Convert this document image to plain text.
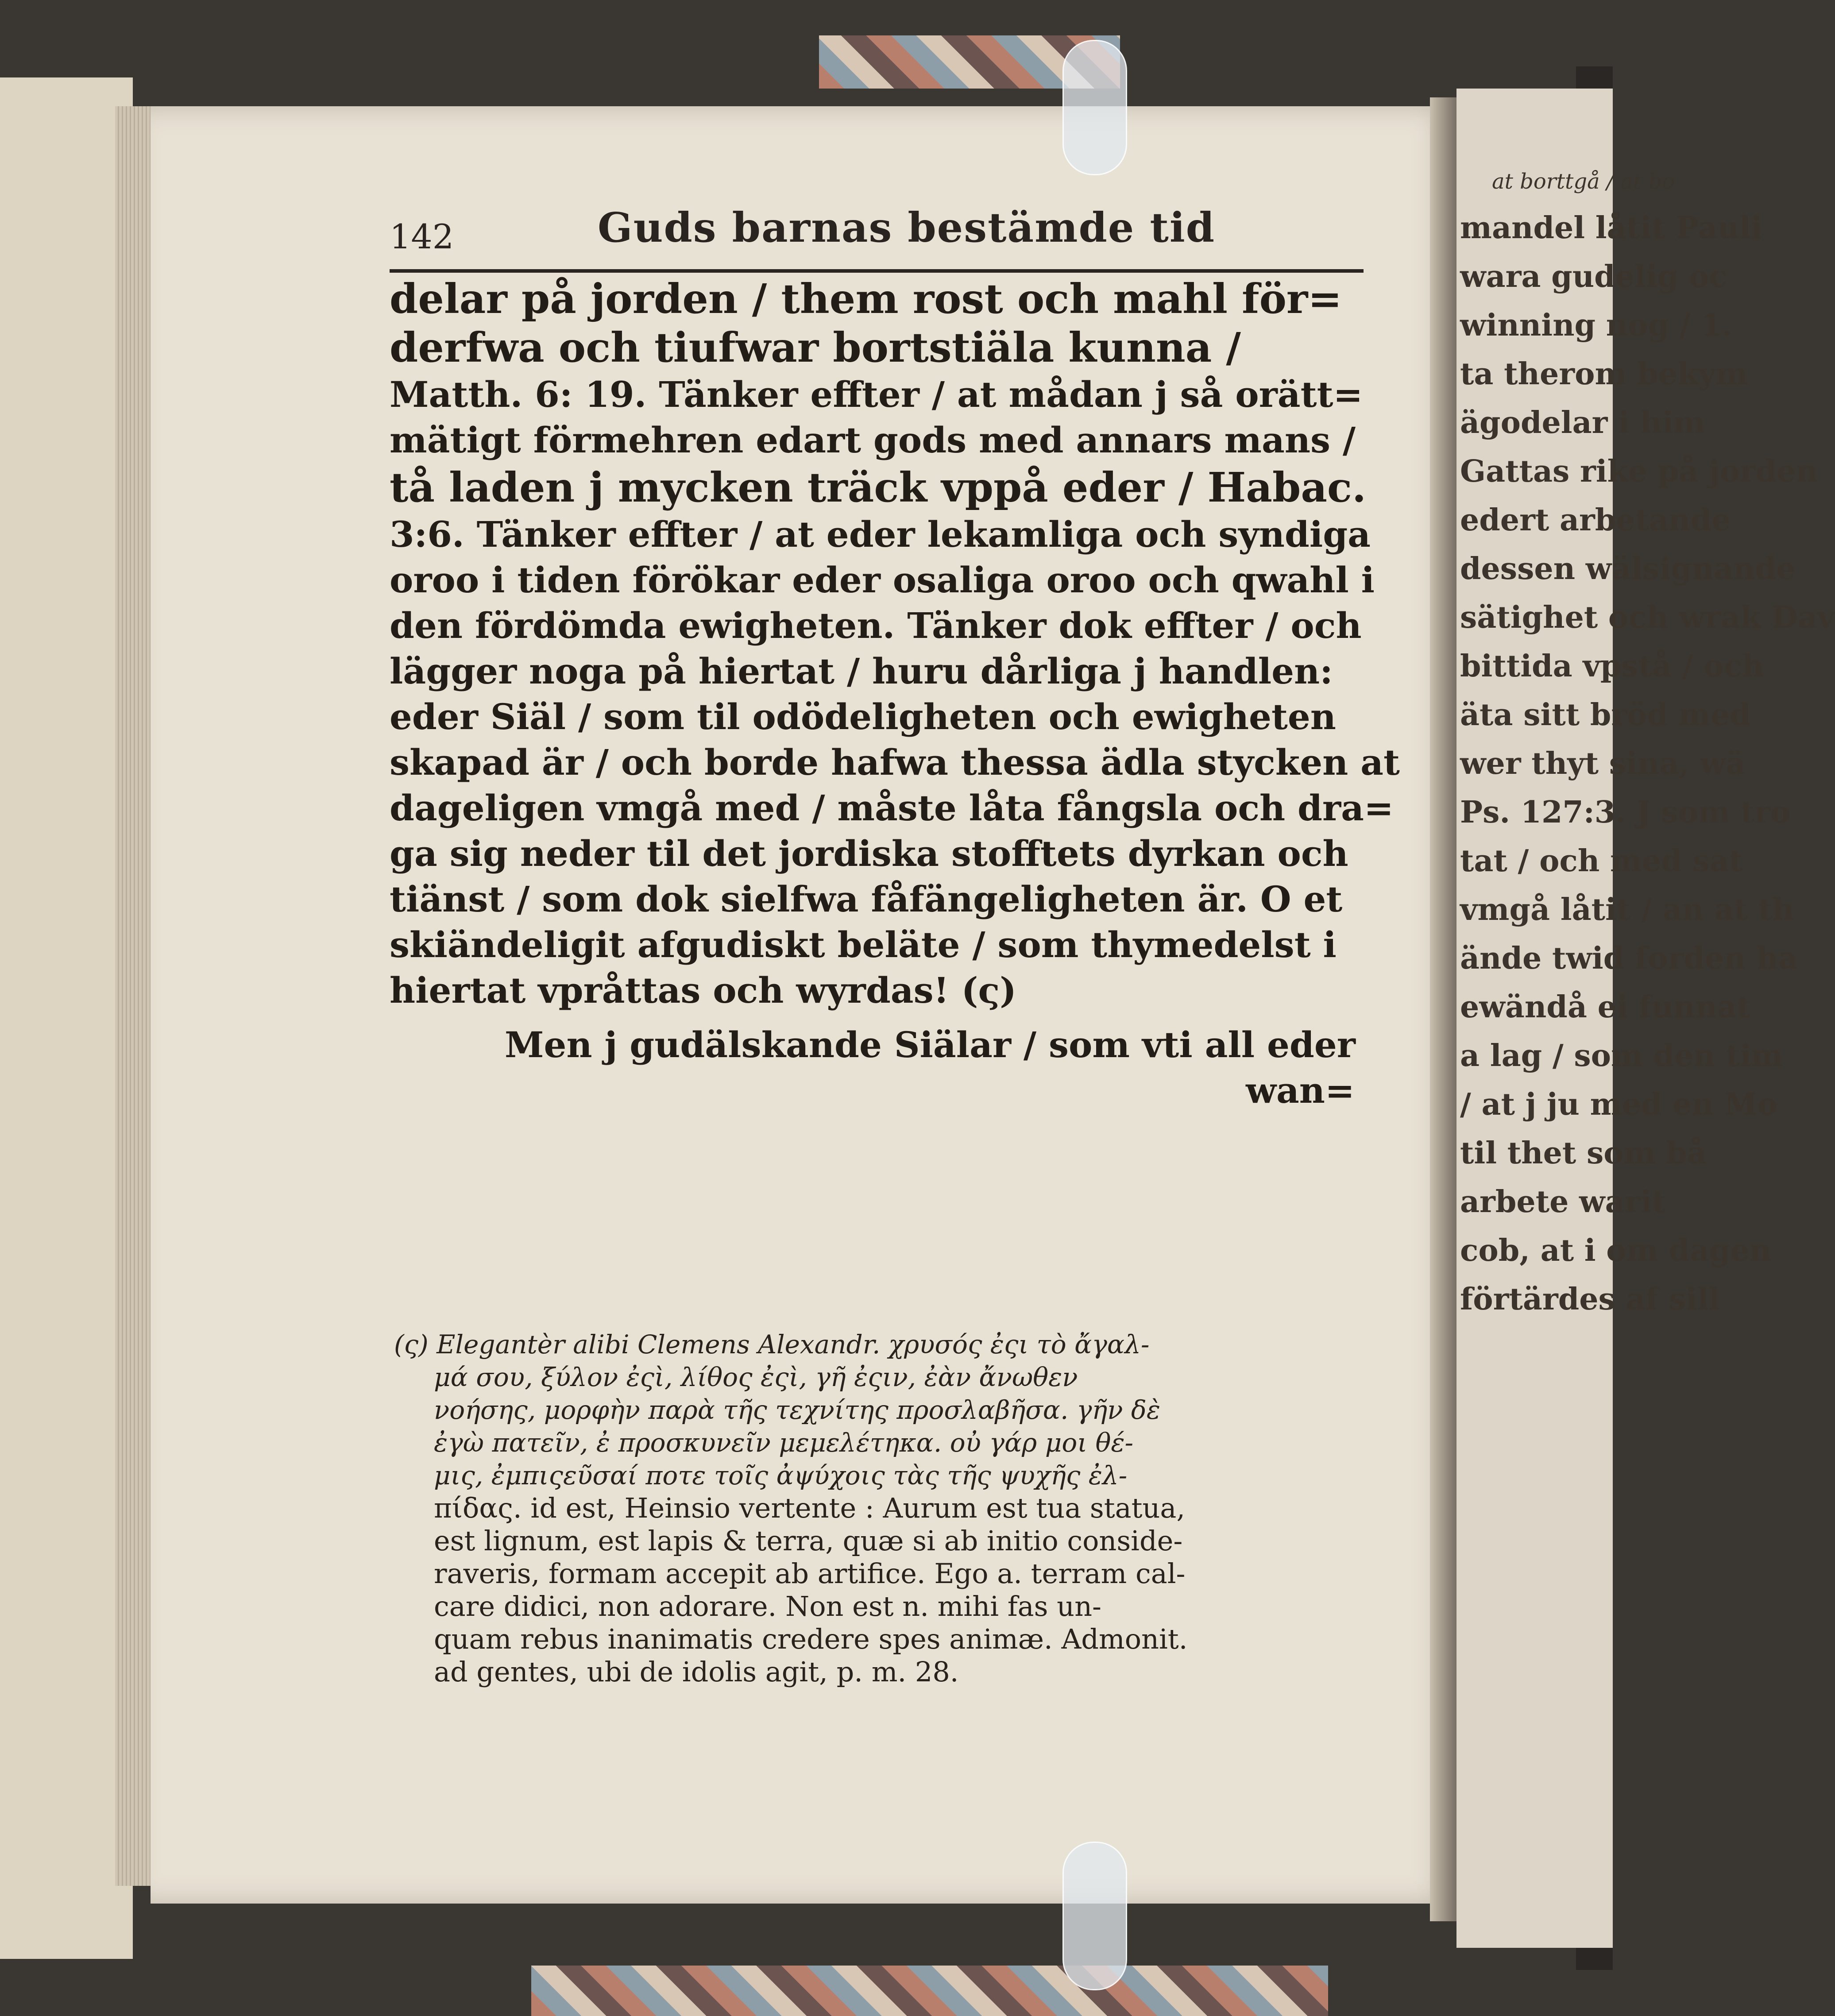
at borttgå / at bo
mandel låtit Pauli
wara gudelig oc
winning nog / 1.
ta therom bekym
ägodelar i him
Gattas rike på jorden
edert arbetande
dessen wälsignande
sätighet och wrak Dav
bittida vpstå / och
äta sitt bröd med
wer thyt sina, wä
Ps. 127:3. J som tro
tat / och med sat
vmgå låtit / an at th
ände twid forden ha
ewändå ei funnat
a lag / som den tim
/ at j ju med en Mo
til thet som bå
arbete warit
cob, at i om dagen
förtärdes af sill
142	Guds barnas bestämde tid
delar på jorden / them rost och mahl för=
derfwa och tiufwar bortstiäla kunna /
Matth. 6: 19. Tänker effter / at mådan j så orätt=
mätigt förmehren edart gods med annars mans /
tå laden j mycken träck vppå eder / Habac.
3:6. Tänker effter / at eder lekamliga och syndiga
oroo i tiden förökar eder osaliga oroo och qwahl i
den fördömda ewigheten. Tänker dok effter / och
lägger noga på hiertat / huru dårliga j handlen:
eder Siäl / som til odödeligheten och ewigheten
skapad är / och borde hafwa thessa ädla stycken at
dageligen vmgå med / måste låta fångsla och dra=
ga sig neder til det jordiska stofftets dyrkan och
tiänst / som dok sielfwa fåfängeligheten är. O et
skiändeligit afgudiskt beläte / som thymedelst i
hiertat vpråttas och wyrdas! (ς)
Men j gudälskande Siälar / som vti all eder
wan=
(ς) Elegantèr alibi Clemens Alexandr. χρυσός ἐςι τὸ ἄγαλ-
μά σου, ξύλον ἐςὶ, λίθος ἐςὶ, γῆ ἐςιν, ἐὰν ἄνωθεν
νοήσης, μορφὴν παρὰ τῆς τεχνίτης προσλαβῆσα. γῆν δὲ
ἐγὼ πατεῖν, ἐ προσκυνεῖν μεμελέτηκα. οὐ γάρ μοι θέ-
μις, ἐμπιςεῦσαί ποτε τοῖς ἀψύχοις τὰς τῆς ψυχῆς ἐλ-
πίδας. id est, Heinsio vertente : Aurum est tua statua,
est lignum, est lapis & terra, quæ si ab initio conside-
raveris, formam accepit ab artifice. Ego a. terram cal-
care didici, non adorare. Non est n. mihi fas un-
quam rebus inanimatis credere spes animæ. Admonit.
ad gentes, ubi de idolis agit, p. m. 28.
